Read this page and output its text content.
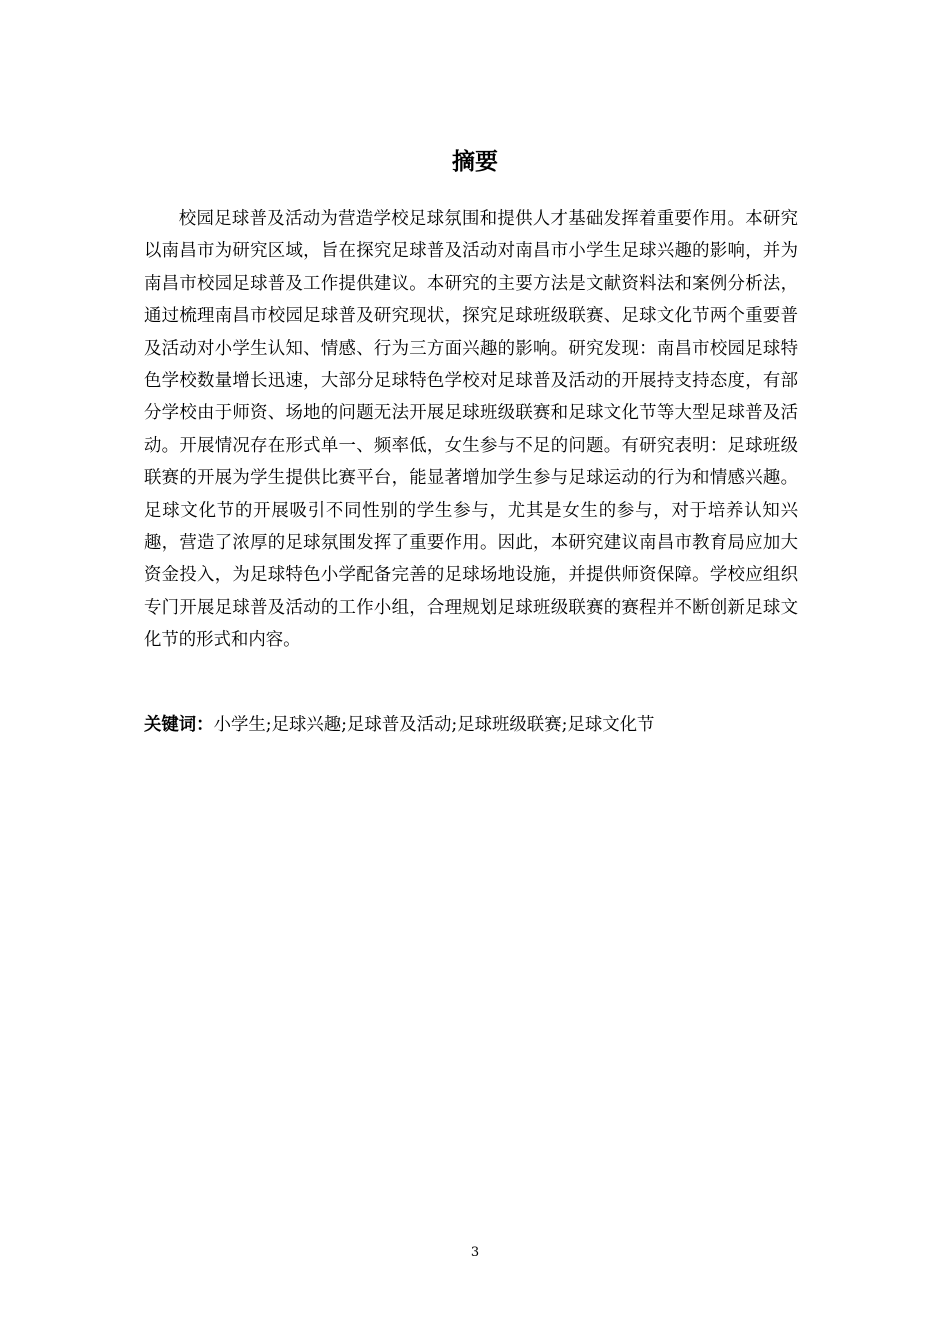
摘要

校园足球普及活动为营造学校足球氛围和提供人才基础发挥着重要作用。本研究以南昌市为研究区域，旨在探究足球普及活动对南昌市小学生足球兴趣的影响，并为南昌市校园足球普及工作提供建议。本研究的主要方法是文献资料法和案例分析法，通过梳理南昌市校园足球普及研究现状，探究足球班级联赛、足球文化节两个重要普及活动对小学生认知、情感、行为三方面兴趣的影响。研究发现：南昌市校园足球特色学校数量增长迅速，大部分足球特色学校对足球普及活动的开展持支持态度，有部分学校由于师资、场地的问题无法开展足球班级联赛和足球文化节等大型足球普及活动。开展情况存在形式单一、频率低，女生参与不足的问题。有研究表明：足球班级联赛的开展为学生提供比赛平台，能显著增加学生参与足球运动的行为和情感兴趣。足球文化节的开展吸引不同性别的学生参与，尤其是女生的参与，对于培养认知兴趣，营造了浓厚的足球氛围发挥了重要作用。因此，本研究建议南昌市教育局应加大资金投入，为足球特色小学配备完善的足球场地设施，并提供师资保障。学校应组织专门开展足球普及活动的工作小组，合理规划足球班级联赛的赛程并不断创新足球文化节的形式和内容。

关键词：小学生;足球兴趣;足球普及活动;足球班级联赛;足球文化节

3
